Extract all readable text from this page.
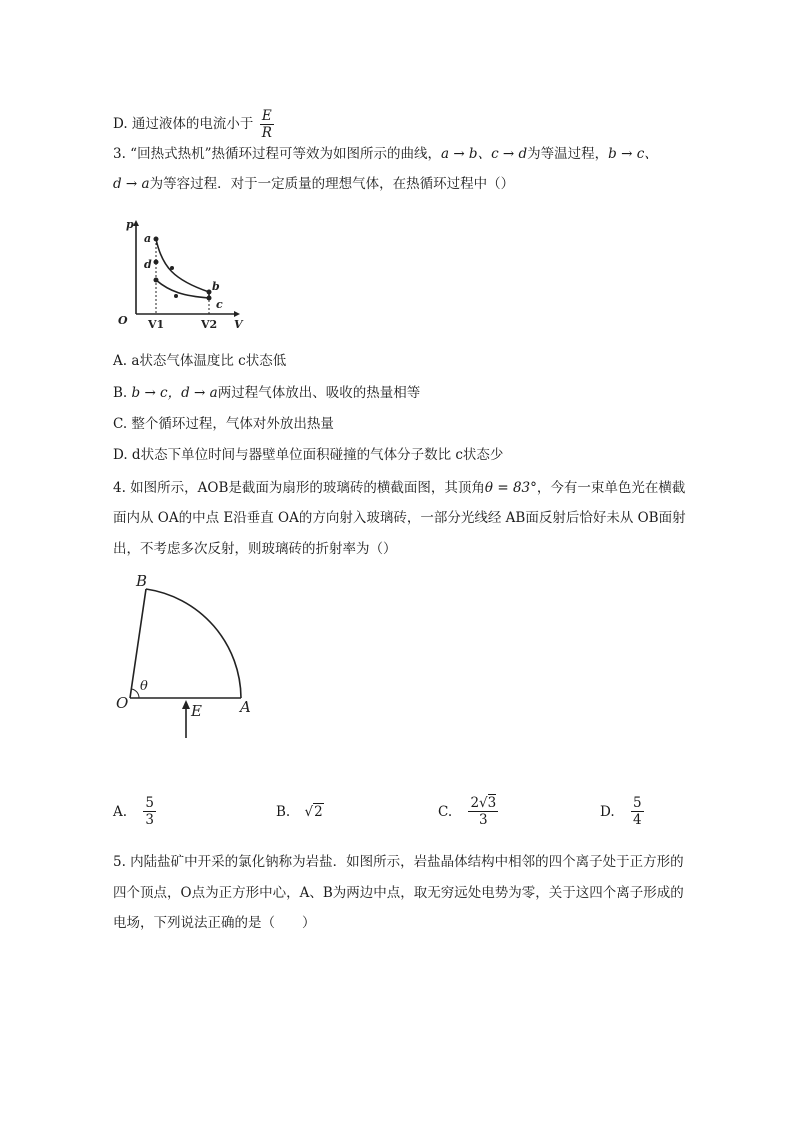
D. 通过液体的电流小于 $\frac{E}{R}$
3. “回热式热机”热循环过程可等效为如图所示的曲线，a → b、c → d为等温过程，b → c、
d → a为等容过程．对于一定质量的理想气体，在热循环过程中（）
p
V
O V1	V2
a
d
b
c
A. a状态气体温度比 c状态低
B. b → c，d → a两过程气体放出、吸收的热量相等
C. 整个循环过程，气体对外放出热量
D. d状态下单位时间与器壁单位面积碰撞的气体分子数比 c状态少
4. 如图所示，AOB是截面为扇形的玻璃砖的横截面图，其顶角θ = 83°，今有一束单色光在横截
面内从 OA的中点 E沿垂直 OA的方向射入玻璃砖，一部分光线经 AB面反射后恰好未从 OB面射
出，不考虑多次反射，则玻璃砖的折射率为（）
B
O	A
E
θ
A. $\frac{5}{3}$	B. √2	C. $\frac{2√3}{3}$	D. $\frac{5}{4}$
5. 内陆盐矿中开采的氯化钠称为岩盐．如图所示，岩盐晶体结构中相邻的四个离子处于正方形的
四个顶点，O点为正方形中心，A、B为两边中点，取无穷远处电势为零，关于这四个离子形成的
电场，下列说法正确的是（　　）
